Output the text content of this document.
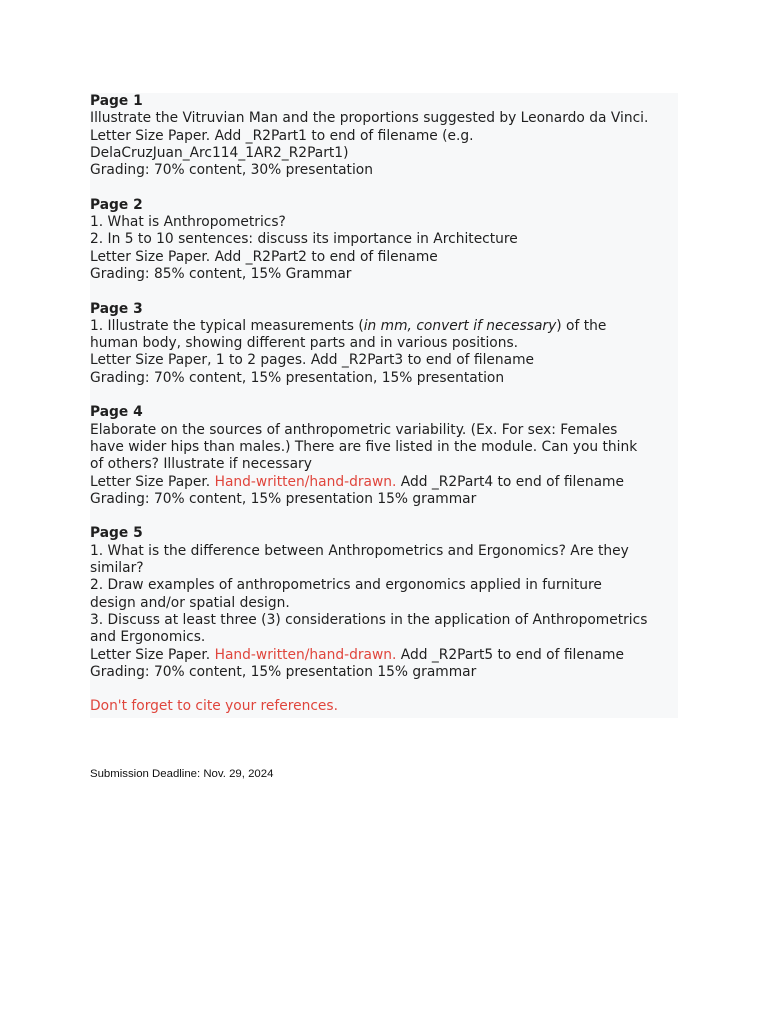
Page 1
Illustrate the Vitruvian Man and the proportions suggested by Leonardo da Vinci.
Letter Size Paper. Add _R2Part1 to end of filename (e.g.
DelaCruzJuan_Arc114_1AR2_R2Part1)
Grading: 70% content, 30% presentation
Page 2
1. What is Anthropometrics?
2. In 5 to 10 sentences: discuss its importance in Architecture
Letter Size Paper. Add _R2Part2 to end of filename
Grading: 85% content, 15% Grammar
Page 3
1. Illustrate the typical measurements (in mm, convert if necessary) of the
human body, showing different parts and in various positions.
Letter Size Paper, 1 to 2 pages. Add _R2Part3 to end of filename
Grading: 70% content, 15% presentation, 15% presentation
Page 4
Elaborate on the sources of anthropometric variability. (Ex. For sex: Females
have wider hips than males.) There are five listed in the module. Can you think
of others? Illustrate if necessary
Letter Size Paper. Hand-written/hand-drawn. Add _R2Part4 to end of filename
Grading: 70% content, 15% presentation 15% grammar
Page 5
1. What is the difference between Anthropometrics and Ergonomics? Are they
similar?
2. Draw examples of anthropometrics and ergonomics applied in furniture
design and/or spatial design.
3. Discuss at least three (3) considerations in the application of Anthropometrics
and Ergonomics.
Letter Size Paper. Hand-written/hand-drawn. Add _R2Part5 to end of filename
Grading: 70% content, 15% presentation 15% grammar
Don't forget to cite your references.
Submission Deadline: Nov. 29, 2024
